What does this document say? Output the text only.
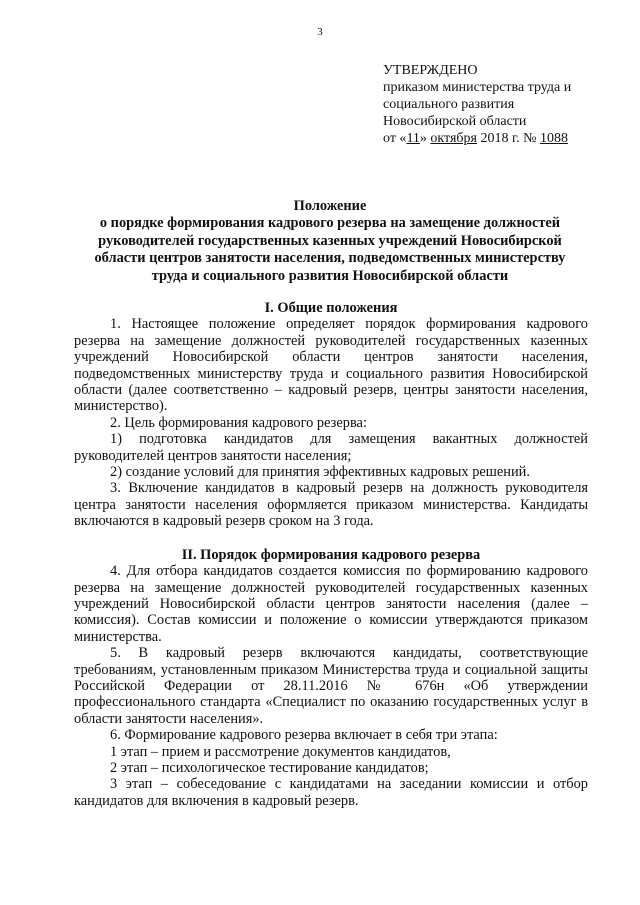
3
УТВЕРЖДЕНО
приказом министерства труда и
социального развития
Новосибирской области
от «11» октября 2018 г. № 1088
Положение
о порядке формирования кадрового резерва на замещение должностей
руководителей государственных казенных учреждений Новосибирской
области центров занятости населения, подведомственных министерству
труда и социального развития Новосибирской области

I. Общие положения

1. Настоящее положение определяет порядок формирования кадрового резерва на замещение должностей руководителей государственных казенных учреждений Новосибирской области центров занятости населения, подведомственных министерству труда и социального развития Новосибирской области (далее соответственно – кадровый резерв, центры занятости населения, министерство).

2. Цель формирования кадрового резерва:

1) подготовка кандидатов для замещения вакантных должностей руководителей центров занятости населения;

2) создание условий для принятия эффективных кадровых решений.

3. Включение кандидатов в кадровый резерв на должность руководителя центра занятости населения оформляется приказом министерства. Кандидаты включаются в кадровый резерв сроком на 3 года.

II. Порядок формирования кадрового резерва

4. Для отбора кандидатов создается комиссия по формированию кадрового резерва на замещение должностей руководителей государственных казенных учреждений Новосибирской области центров занятости населения (далее – комиссия). Состав комиссии и положение о комиссии утверждаются приказом министерства.

5. В кадровый резерв включаются кандидаты, соответствующие требованиям, установленным приказом Министерства труда и социальной защиты Российской Федерации от 28.11.2016 № 676н «Об утверждении профессионального стандарта «Специалист по оказанию государственных услуг в области занятости населения».

6. Формирование кадрового резерва включает в себя три этапа:

1 этап – прием и рассмотрение документов кандидатов,

2 этап – психологическое тестирование кандидатов;

3 этап – собеседование с кандидатами на заседании комиссии и отбор кандидатов для включения в кадровый резерв.
